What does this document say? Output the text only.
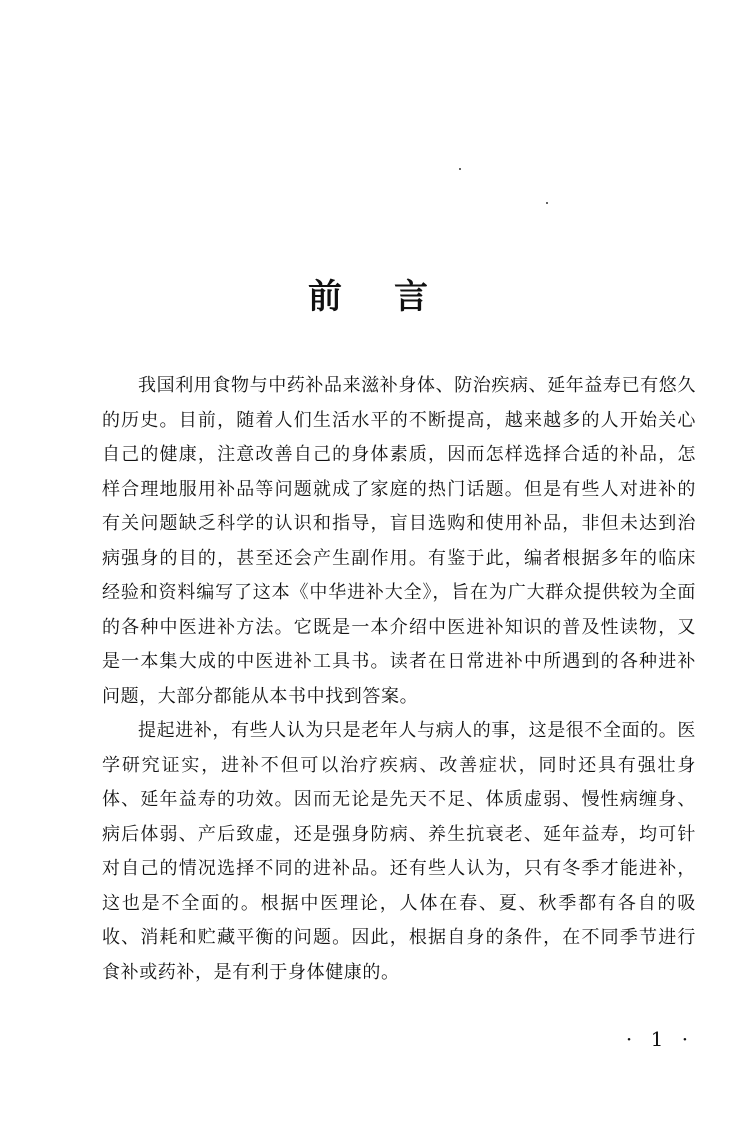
前言

我国利用食物与中药补品来滋补身体、防治疾病、延年益寿已有悠久的历史。目前，随着人们生活水平的不断提高，越来越多的人开始关心自己的健康，注意改善自己的身体素质，因而怎样选择合适的补品，怎样合理地服用补品等问题就成了家庭的热门话题。但是有些人对进补的有关问题缺乏科学的认识和指导，盲目选购和使用补品，非但未达到治病强身的目的，甚至还会产生副作用。有鉴于此，编者根据多年的临床经验和资料编写了这本《中华进补大全》，旨在为广大群众提供较为全面的各种中医进补方法。它既是一本介绍中医进补知识的普及性读物，又是一本集大成的中医进补工具书。读者在日常进补中所遇到的各种进补问题，大部分都能从本书中找到答案。

提起进补，有些人认为只是老年人与病人的事，这是很不全面的。医学研究证实，进补不但可以治疗疾病、改善症状，同时还具有强壮身体、延年益寿的功效。因而无论是先天不足、体质虚弱、慢性病缠身、病后体弱、产后致虚，还是强身防病、养生抗衰老、延年益寿，均可针对自己的情况选择不同的进补品。还有些人认为，只有冬季才能进补，这也是不全面的。根据中医理论，人体在春、夏、秋季都有各自的吸收、消耗和贮藏平衡的问题。因此，根据自身的条件，在不同季节进行食补或药补，是有利于身体健康的。

· 1 ·
